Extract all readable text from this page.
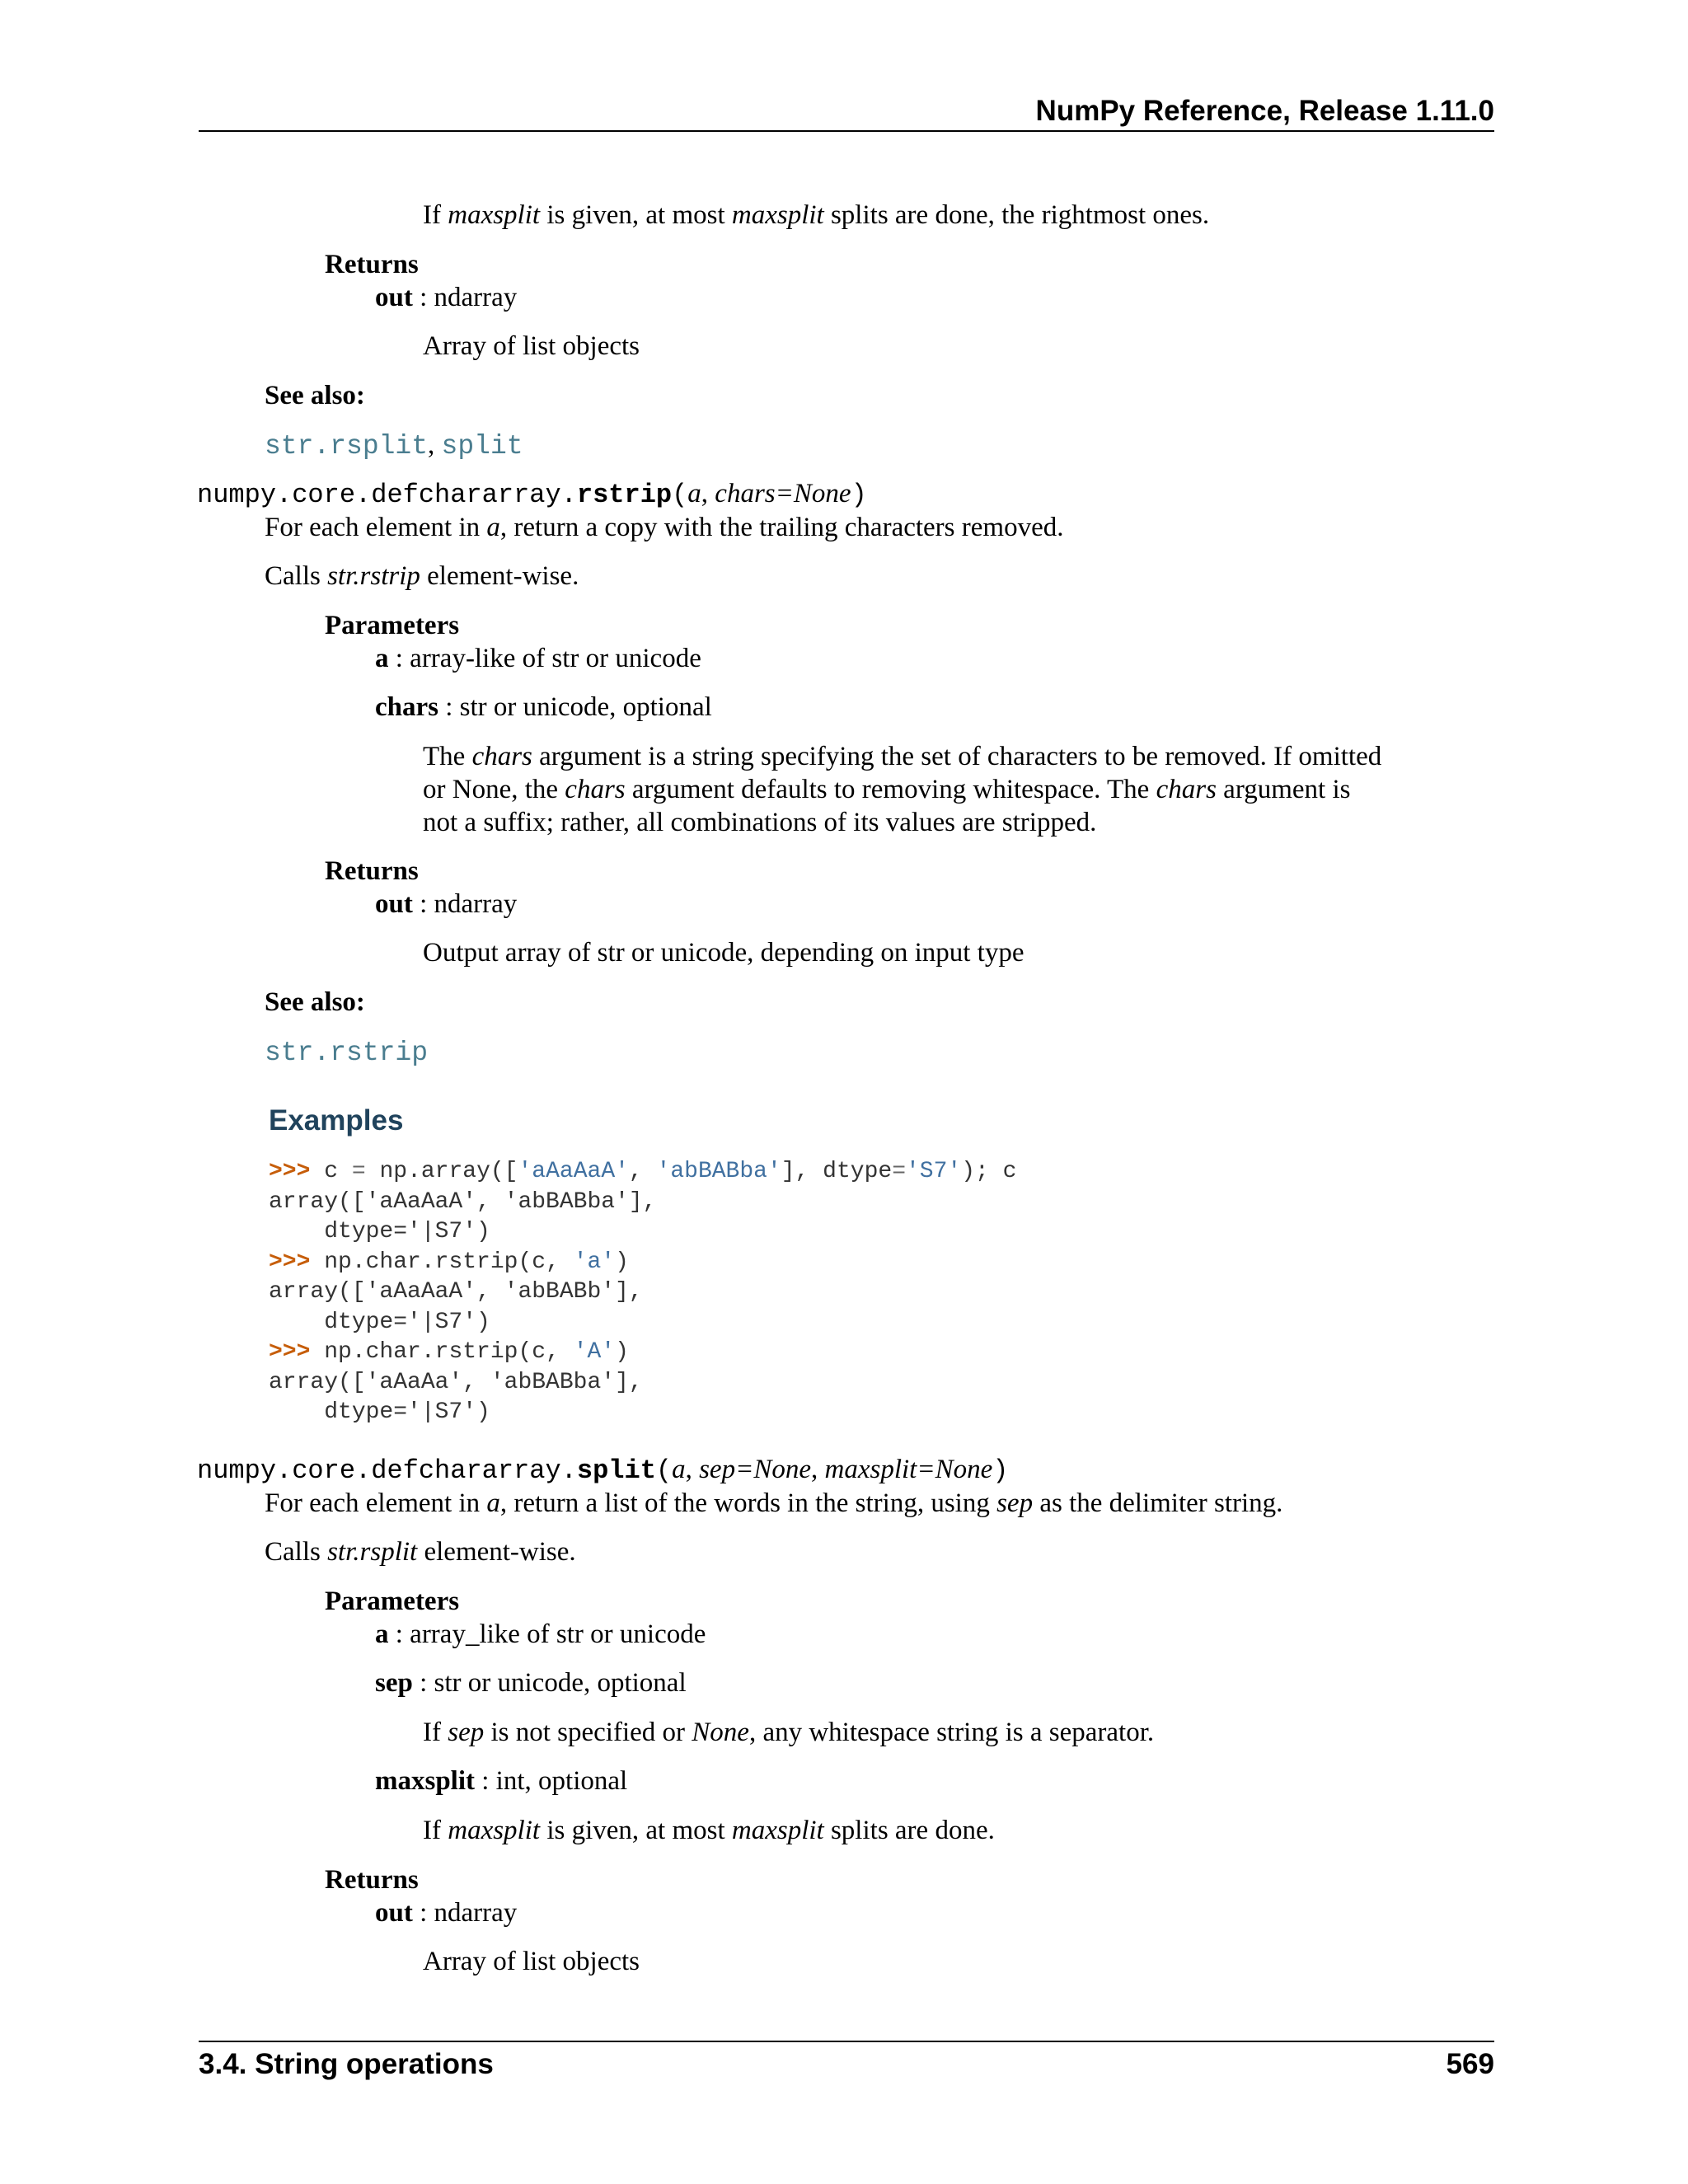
NumPy Reference, Release 1.11.0
If maxsplit is given, at most maxsplit splits are done, the rightmost ones.
Returns
out : ndarray
Array of list objects
See also:
str.rsplit, split
numpy.core.defchararray.rstrip(a, chars=None)
For each element in a, return a copy with the trailing characters removed.
Calls str.rstrip element-wise.
Parameters
a : array-like of str or unicode
chars : str or unicode, optional
The chars argument is a string specifying the set of characters to be removed. If omitted
or None, the chars argument defaults to removing whitespace. The chars argument is
not a suffix; rather, all combinations of its values are stripped.
Returns
out : ndarray
Output array of str or unicode, depending on input type
See also:
str.rstrip
Examples
>>> c = np.array(['aAaAaA', 'abBABba'], dtype='S7'); c
array(['aAaAaA', 'abBABba'],
dtype='|S7')
>>> np.char.rstrip(c, 'a')
array(['aAaAaA', 'abBABb'],
dtype='|S7')
>>> np.char.rstrip(c, 'A')
array(['aAaAa', 'abBABba'],
dtype='|S7')
numpy.core.defchararray.split(a, sep=None, maxsplit=None)
For each element in a, return a list of the words in the string, using sep as the delimiter string.
Calls str.rsplit element-wise.
Parameters
a : array_like of str or unicode
sep : str or unicode, optional
If sep is not specified or None, any whitespace string is a separator.
maxsplit : int, optional
If maxsplit is given, at most maxsplit splits are done.
Returns
out : ndarray
Array of list objects
3.4. String operations	569
